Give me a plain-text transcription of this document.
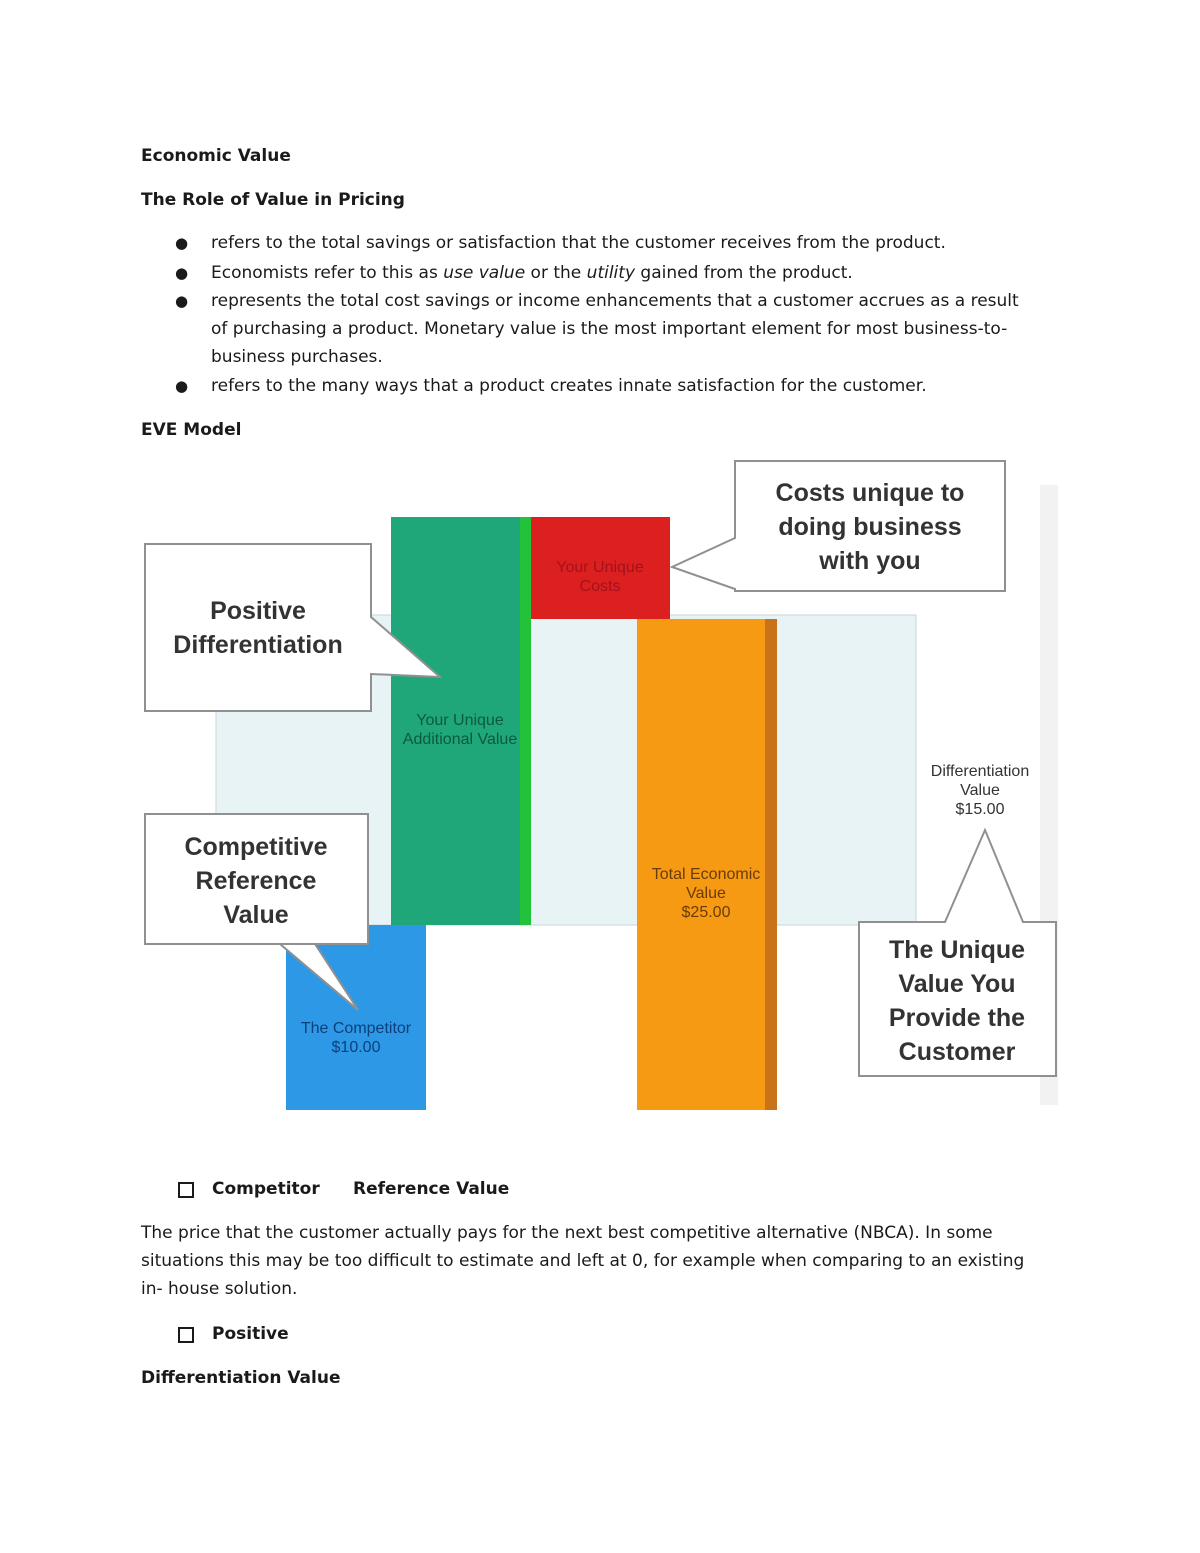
Economic Value
The Role of Value in Pricing
● refers to the total savings or satisfaction that the customer receives from the product.
● Economists refer to this as use value or the utility gained from the product.
● represents the total cost savings or income enhancements that a customer accrues as a result
of purchasing a product. Monetary value is the most important element for most business-to-
business purchases.
● refers to the many ways that a product creates innate satisfaction for the customer.
EVE Model
Your Unique Costs
Your Unique Additional Value
Total Economic Value $25.00
The Competitor $10.00
Differentiation Value $15.00
Positive Differentiation
Competitive Reference Value
Costs unique to doing business with you
The Unique Value You Provide the Customer
Competitor Reference Value
The price that the customer actually pays for the next best competitive alternative (NBCA). In some
situations this may be too difficult to estimate and left at 0, for example when comparing to an existing
in- house solution.
Positive
Differentiation Value
